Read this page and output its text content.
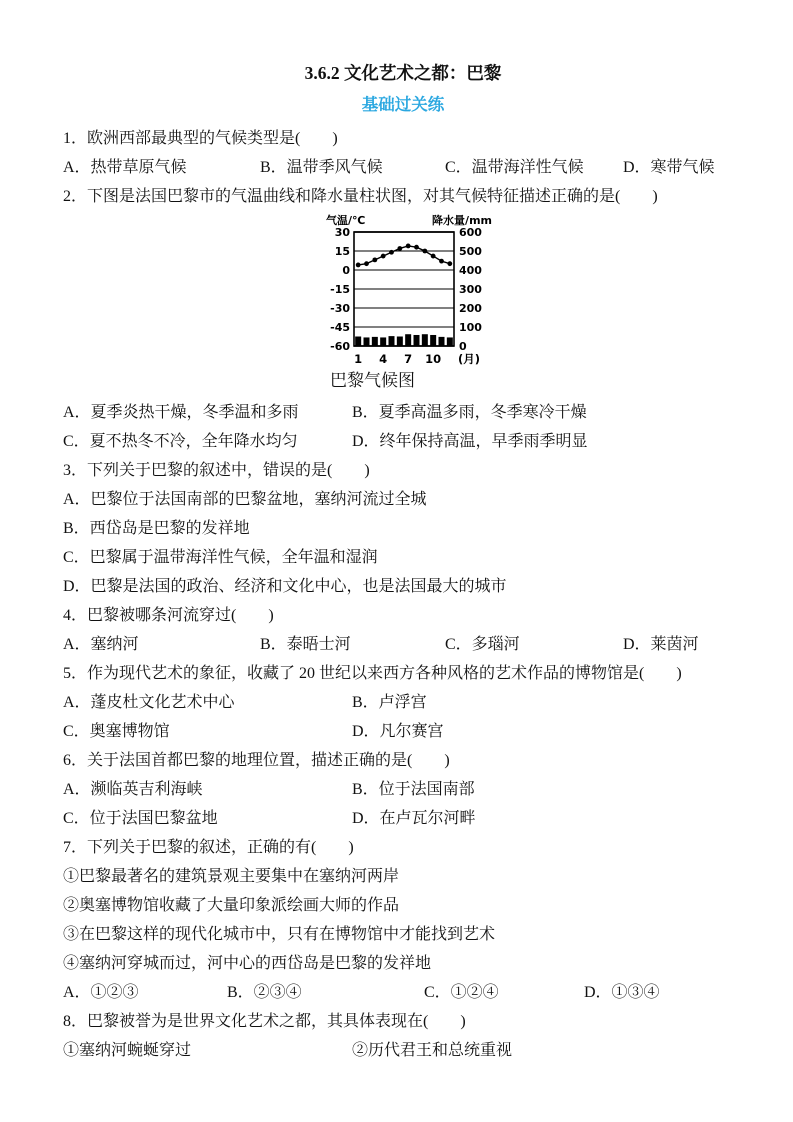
3.6.2 文化艺术之都：巴黎
基础过关练

1．欧洲西部最典型的气候类型是(　　)

A．热带草原气候	B．温带季风气候	C．温带海洋性气候	D．寒带气候

2．下图是法国巴黎市的气温曲线和降水量柱状图，对其气候特征描述正确的是(　　)

气温/℃	降水量/mm
30	600
15	500
0	400
-15	300
-30	200
-45	100
-60	0
1 4 7 10 (月)
巴黎气候图
A．夏季炎热干燥，冬季温和多雨	B．夏季高温多雨，冬季寒冷干燥
C．夏不热冬不冷，全年降水均匀	D．终年保持高温，早季雨季明显

3．下列关于巴黎的叙述中，错误的是(　　)

A．巴黎位于法国南部的巴黎盆地，塞纳河流过全城

B．西岱岛是巴黎的发祥地

C．巴黎属于温带海洋性气候，全年温和湿润

D．巴黎是法国的政治、经济和文化中心，也是法国最大的城市

4．巴黎被哪条河流穿过(　　)

A．塞纳河	B．泰晤士河	C．多瑙河	D．莱茵河

5．作为现代艺术的象征，收藏了 20 世纪以来西方各种风格的艺术作品的博物馆是(　　)

A．蓬皮杜文化艺术中心	B．卢浮宫
C．奥塞博物馆	D．凡尔赛宫

6．关于法国首都巴黎的地理位置，描述正确的是(　　)

A．濒临英吉利海峡	B．位于法国南部
C．位于法国巴黎盆地	D．在卢瓦尔河畔

7．下列关于巴黎的叙述，正确的有(　　)

①巴黎最著名的建筑景观主要集中在塞纳河两岸

②奥塞博物馆收藏了大量印象派绘画大师的作品

③在巴黎这样的现代化城市中，只有在博物馆中才能找到艺术

④塞纳河穿城而过，河中心的西岱岛是巴黎的发祥地

A．①②③	B．②③④	C．①②④	D．①③④

8．巴黎被誉为是世界文化艺术之都，其具体表现在(　　)

①塞纳河蜿蜒穿过	②历代君王和总统重视
